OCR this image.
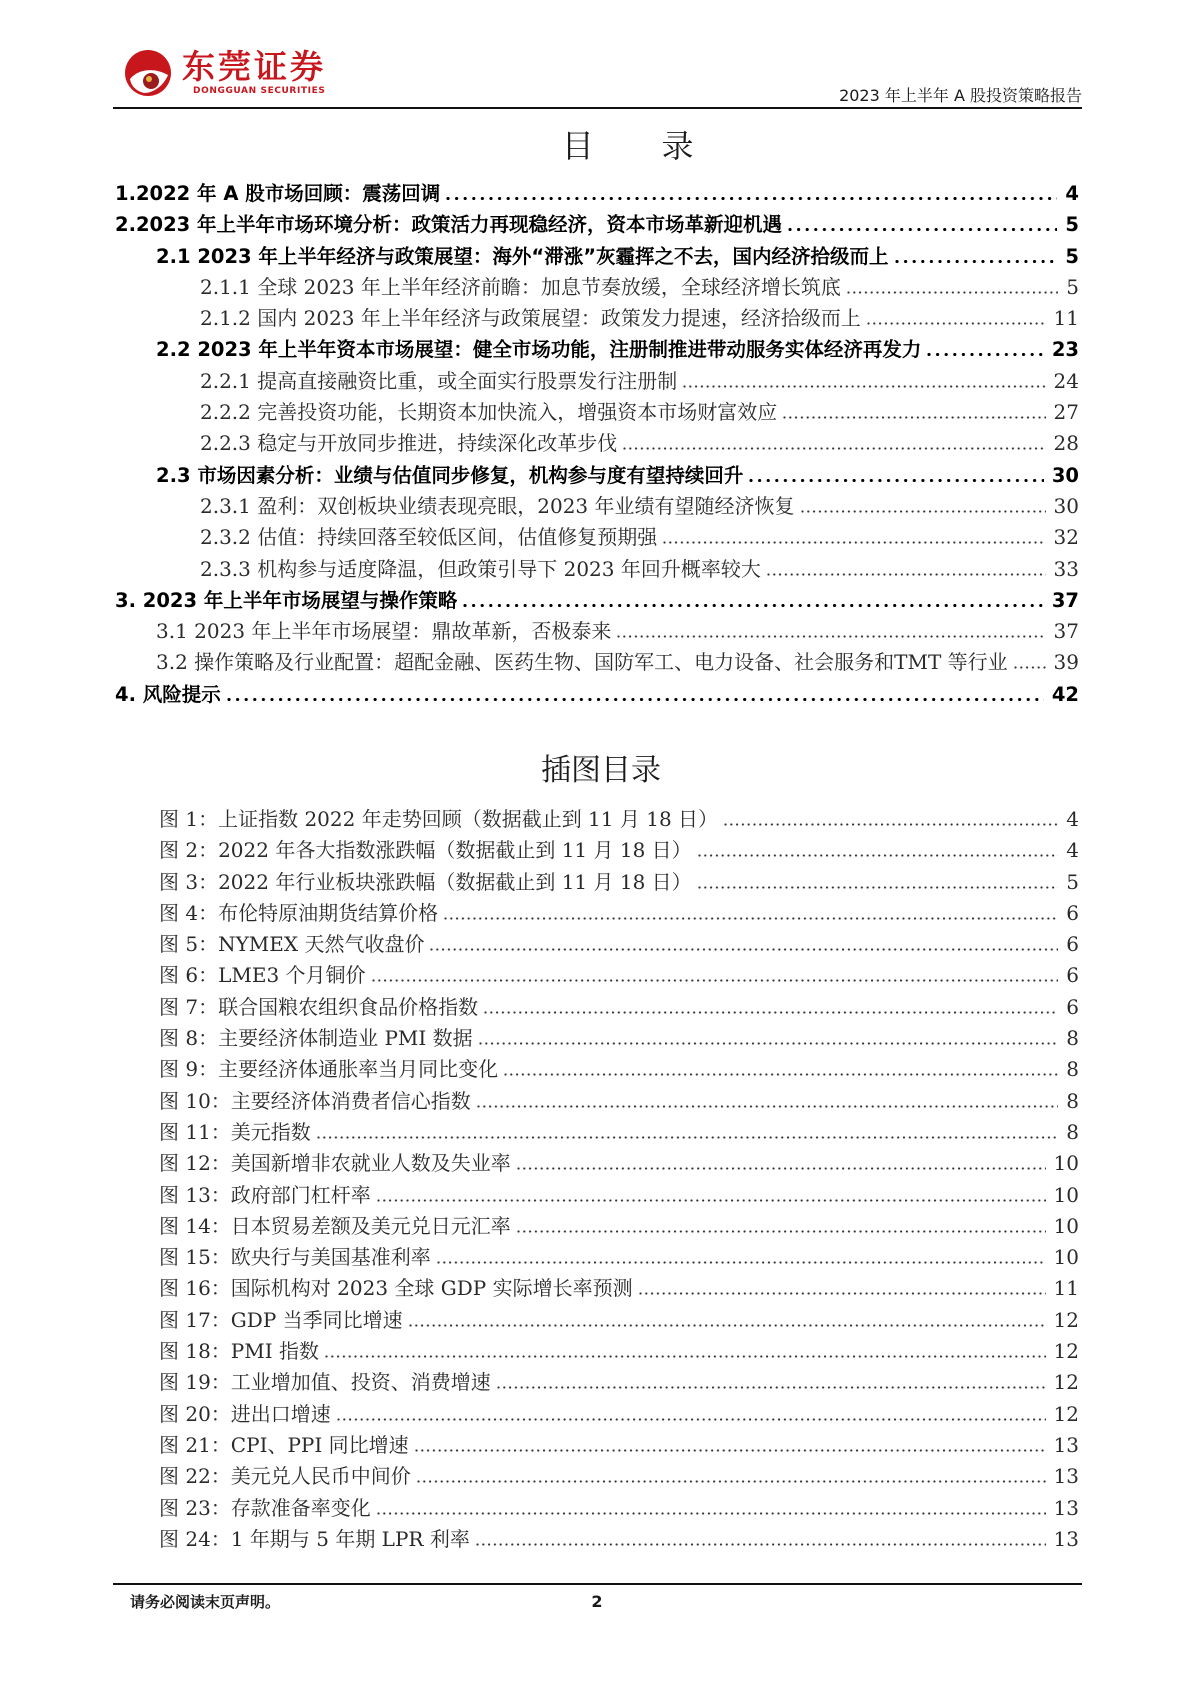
东莞证券
DONGGUAN SECURITIES	2023 年上半年 A 股投资策略报告
目 录
1.2022 年 A 股市场回顾：震荡回调	4
2.2023 年上半年市场环境分析：政策活力再现稳经济，资本市场革新迎机遇	5
2.1 2023 年上半年经济与政策展望：海外“滞涨”灰霾挥之不去，国内经济拾级而上	5
2.1.1 全球 2023 年上半年经济前瞻：加息节奏放缓，全球经济增长筑底	5
2.1.2 国内 2023 年上半年经济与政策展望：政策发力提速，经济拾级而上	11
2.2 2023 年上半年资本市场展望：健全市场功能，注册制推进带动服务实体经济再发力	23
2.2.1 提高直接融资比重，或全面实行股票发行注册制	24
2.2.2 完善投资功能，长期资本加快流入，增强资本市场财富效应	27
2.2.3 稳定与开放同步推进，持续深化改革步伐	28
2.3 市场因素分析：业绩与估值同步修复，机构参与度有望持续回升	30
2.3.1 盈利：双创板块业绩表现亮眼，2023 年业绩有望随经济恢复	30
2.3.2 估值：持续回落至较低区间，估值修复预期强	32
2.3.3 机构参与适度降温，但政策引导下 2023 年回升概率较大	33
3. 2023 年上半年市场展望与操作策略	37
3.1 2023 年上半年市场展望：鼎故革新，否极泰来	37
3.2 操作策略及行业配置：超配金融、医药生物、国防军工、电力设备、社会服务和TMT 等行业 39
4. 风险提示	42
插图目录
图 1：上证指数 2022 年走势回顾（数据截止到 11 月 18 日）	4
图 2：2022 年各大指数涨跌幅（数据截止到 11 月 18 日）	4
图 3：2022 年行业板块涨跌幅（数据截止到 11 月 18 日）	5
图 4：布伦特原油期货结算价格	6
图 5：NYMEX 天然气收盘价	6
图 6：LME3 个月铜价	6
图 7：联合国粮农组织食品价格指数	6
图 8：主要经济体制造业 PMI 数据	8
图 9：主要经济体通胀率当月同比变化	8
图 10：主要经济体消费者信心指数	8
图 11：美元指数	8
图 12：美国新增非农就业人数及失业率	10
图 13：政府部门杠杆率	10
图 14：日本贸易差额及美元兑日元汇率	10
图 15：欧央行与美国基准利率	10
图 16：国际机构对 2023 全球 GDP 实际增长率预测	11
图 17：GDP 当季同比增速	12
图 18：PMI 指数	12
图 19：工业增加值、投资、消费增速	12
图 20：进出口增速	12
图 21：CPI、PPI 同比增速	13
图 22：美元兑人民币中间价	13
图 23：存款准备率变化	13
图 24：1 年期与 5 年期 LPR 利率	13
请务必阅读末页声明。	2
